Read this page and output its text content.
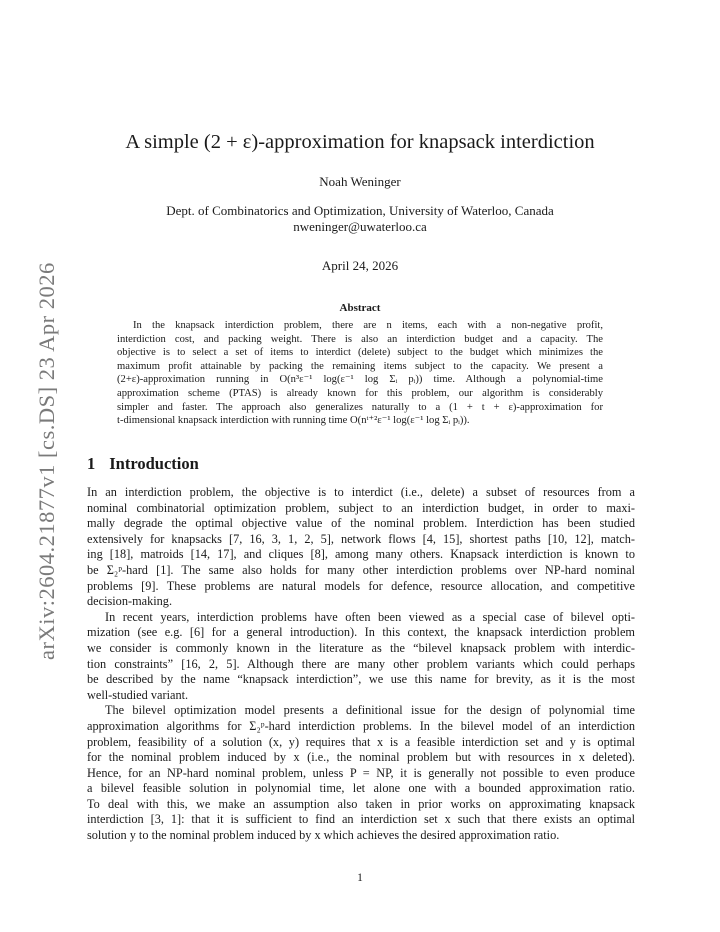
arXiv:2604.21877v1 [cs.DS] 23 Apr 2026
A simple (2 + ε)-approximation for knapsack interdiction
Noah Weninger
Dept. of Combinatorics and Optimization, University of Waterloo, Canada
nweninger@uwaterloo.ca
April 24, 2026
Abstract
In the knapsack interdiction problem, there are n items, each with a non-negative profit,
interdiction cost, and packing weight. There is also an interdiction budget and a capacity. The
objective is to select a set of items to interdict (delete) subject to the budget which minimizes the
maximum profit attainable by packing the remaining items subject to the capacity. We present a
(2+ε)-approximation running in O(n³ε⁻¹ log(ε⁻¹ log Σᵢ pᵢ)) time. Although a polynomial-time
approximation scheme (PTAS) is already known for this problem, our algorithm is considerably
simpler and faster. The approach also generalizes naturally to a (1 + t + ε)-approximation for
t-dimensional knapsack interdiction with running time O(nᵗ⁺²ε⁻¹ log(ε⁻¹ log Σᵢ pᵢ)).
1 Introduction
In an interdiction problem, the objective is to interdict (i.e., delete) a subset of resources from a
nominal combinatorial optimization problem, subject to an interdiction budget, in order to maxi-
mally degrade the optimal objective value of the nominal problem. Interdiction has been studied
extensively for knapsacks [7, 16, 3, 1, 2, 5], network flows [4, 15], shortest paths [10, 12], match-
ing [18], matroids [14, 17], and cliques [8], among many others. Knapsack interdiction is known to
be Σ₂ᵖ-hard [1]. The same also holds for many other interdiction problems over NP-hard nominal
problems [9]. These problems are natural models for defence, resource allocation, and competitive
decision-making.
In recent years, interdiction problems have often been viewed as a special case of bilevel opti-
mization (see e.g. [6] for a general introduction). In this context, the knapsack interdiction problem
we consider is commonly known in the literature as the “bilevel knapsack problem with interdic-
tion constraints” [16, 2, 5]. Although there are many other problem variants which could perhaps
be described by the name “knapsack interdiction”, we use this name for brevity, as it is the most
well-studied variant.
The bilevel optimization model presents a definitional issue for the design of polynomial time
approximation algorithms for Σ₂ᵖ-hard interdiction problems. In the bilevel model of an interdiction
problem, feasibility of a solution (x, y) requires that x is a feasible interdiction set and y is optimal
for the nominal problem induced by x (i.e., the nominal problem but with resources in x deleted).
Hence, for an NP-hard nominal problem, unless P = NP, it is generally not possible to even produce
a bilevel feasible solution in polynomial time, let alone one with a bounded approximation ratio.
To deal with this, we make an assumption also taken in prior works on approximating knapsack
interdiction [3, 1]: that it is sufficient to find an interdiction set x such that there exists an optimal
solution y to the nominal problem induced by x which achieves the desired approximation ratio.
1
